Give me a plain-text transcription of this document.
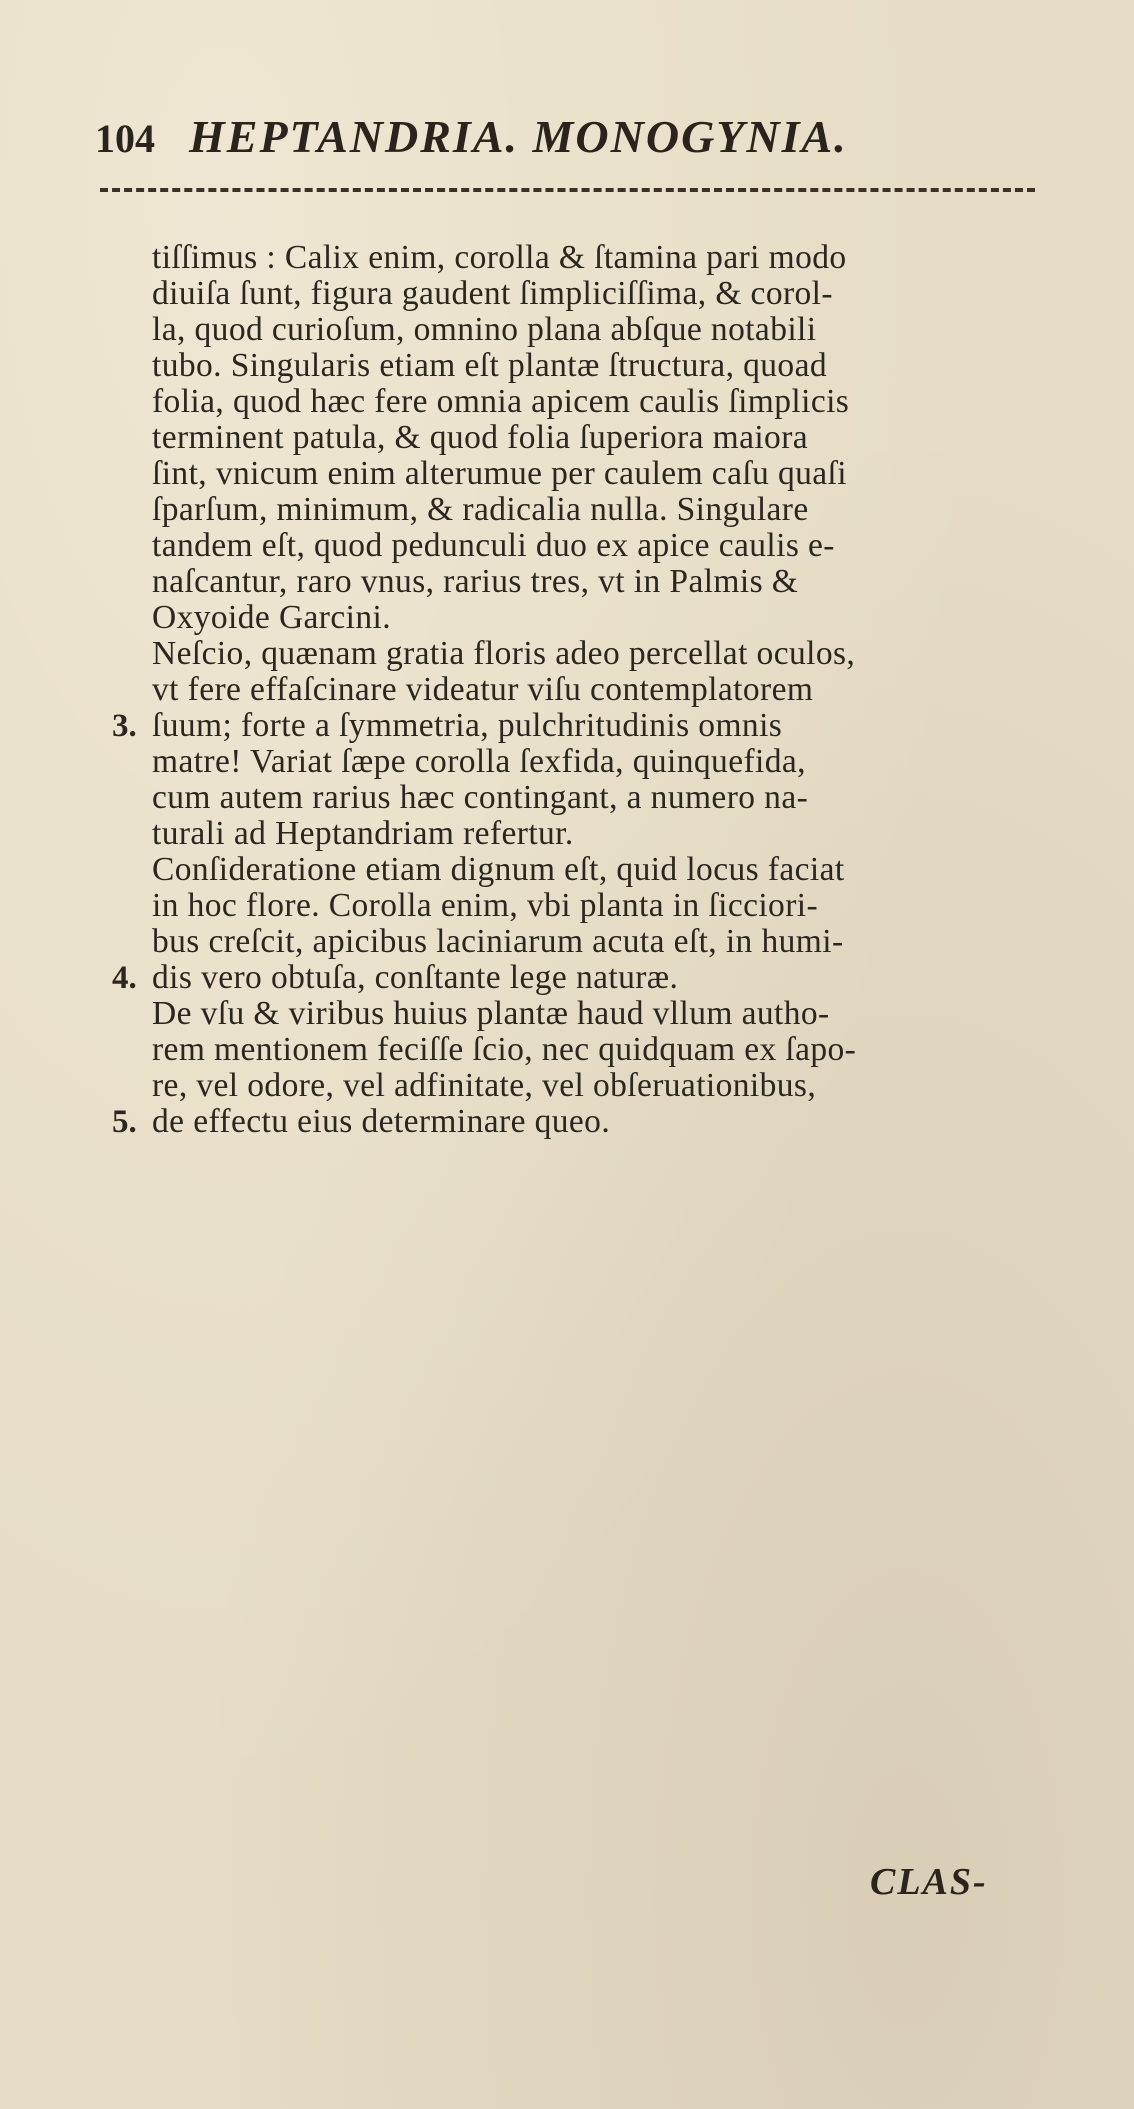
104 HEPTANDRIA. MONOGYNIA.
3.
4.
5.
tiſſimus : Calix enim, corolla & ſtamina pari modo
diuiſa ſunt, figura gaudent ſimpliciſſima, & corol-
la, quod curioſum, omnino plana abſque notabili
tubo. Singularis etiam eſt plantæ ſtructura, quoad
folia, quod hæc fere omnia apicem caulis ſimplicis
terminent patula, & quod folia ſuperiora maiora
ſint, vnicum enim alterumue per caulem caſu quaſi
ſparſum, minimum, & radicalia nulla. Singulare
tandem eſt, quod pedunculi duo ex apice caulis e-
naſcantur, raro vnus, rarius tres, vt in Palmis &
Oxyoide Garcini.
Neſcio, quænam gratia floris adeo percellat oculos,
vt fere effaſcinare videatur viſu contemplatorem
ſuum; forte a ſymmetria, pulchritudinis omnis
matre! Variat ſæpe corolla ſexfida, quinquefida,
cum autem rarius hæc contingant, a numero na-
turali ad Heptandriam refertur.
Conſideratione etiam dignum eſt, quid locus faciat
in hoc flore. Corolla enim, vbi planta in ſicciori-
bus creſcit, apicibus laciniarum acuta eſt, in humi-
dis vero obtuſa, conſtante lege naturæ.
De vſu & viribus huius plantæ haud vllum autho-
rem mentionem feciſſe ſcio, nec quidquam ex ſapo-
re, vel odore, vel adfinitate, vel obſeruationibus,
de effectu eius determinare queo.
CLAS-
